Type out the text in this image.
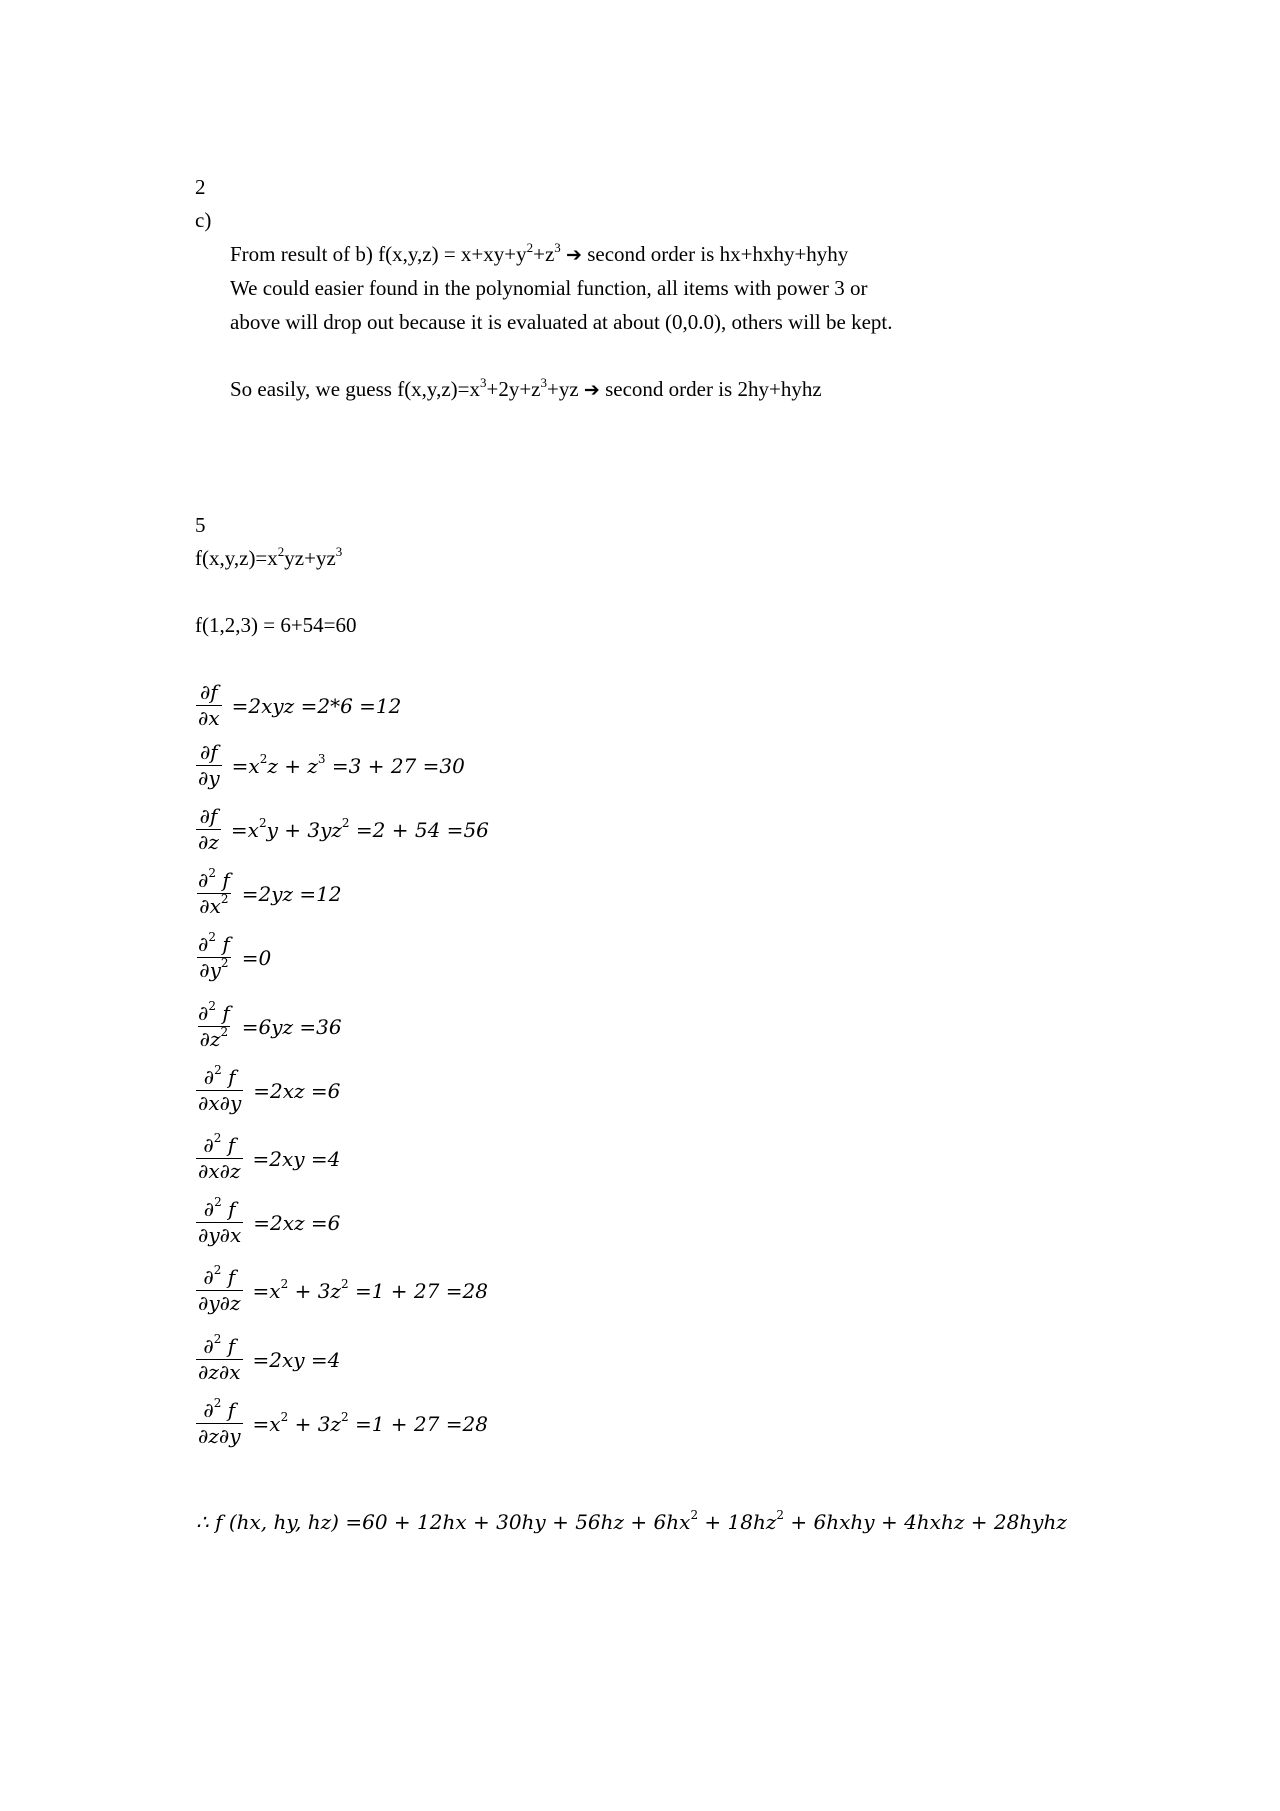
2
c)
From result of b) $f(x,y,z) = x+xy+y^2+z^3$ ➔ second order is hx+hxhy+hyhy
We could easier found in the polynomial function, all items with power 3 or
above will drop out because it is evaluated at about (0,0.0), others will be kept.
So easily, we guess $f(x,y,z)=x^3+2y+z^3+yz$ ➔ second order is 2hy+hyhz
5
$f(x,y,z)=x^2yz+yz^3$
f(1,2,3) = 6+54=60
$\frac{\partial f}{\partial x} =2xyz =2*6 =12$
$\frac{\partial f}{\partial y} =x^2z + z^3 =3 + 27 =30$
$\frac{\partial f}{\partial z} =x^2y + 3yz^2 =2 + 54 =56$
$\frac{\partial^2 f}{\partial x^2} =2yz =12$
$\frac{\partial^2 f}{\partial y^2} =0$
$\frac{\partial^2 f}{\partial z^2} =6yz =36$
$\frac{\partial^2 f}{\partial x\partial y} =2xz =6$
$\frac{\partial^2 f}{\partial x\partial z} =2xy =4$
$\frac{\partial^2 f}{\partial y\partial x} =2xz =6$
$\frac{\partial^2 f}{\partial y\partial z} =x^2 + 3z^2 =1 + 27 =28$
$\frac{\partial^2 f}{\partial z\partial x} =2xy =4$
$\frac{\partial^2 f}{\partial z\partial y} =x^2 + 3z^2 =1 + 27 =28$
∴ f (hx, hy, $hz) =60 + 12hx + 30hy + 56hz + 6hx^2 + 18hz^2$ + 6hxhy + 4hxhz + 28hyhz
